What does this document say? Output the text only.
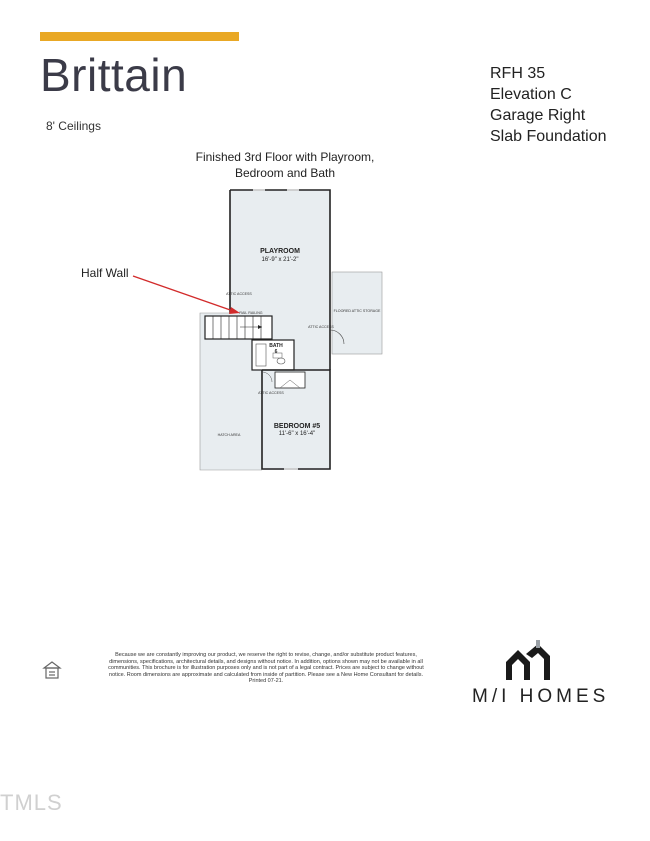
Brittain
8' Ceilings
RFH 35
Elevation C
Garage Right
Slab Foundation
Finished 3rd Floor with Playroom,
Bedroom and Bath
Half Wall
PLAYROOM
16'-9" x 21'-2"
BEDROOM #5
11'-6" x 16'-4"
BATH
6
ATTIC ACCESS
RAIL RAILING
ATTIC ACCESS
ATTIC ACCESS
FLOORED ATTIC STORAGE
HATCH AREA
Because we are constantly improving our product, we reserve the right to revise, change, and/or substitute product features, dimensions, specifications, architectural details, and designs without notice. In addition, options shown may not be available in all communities. This brochure is for illustration purposes only and is not part of a legal contract. Prices are subject to change without notice. Room dimensions are approximate and calculated from inside of partition. Please see a New Home Consultant for details. Printed 07-21.
M/I HOMES
TMLS
